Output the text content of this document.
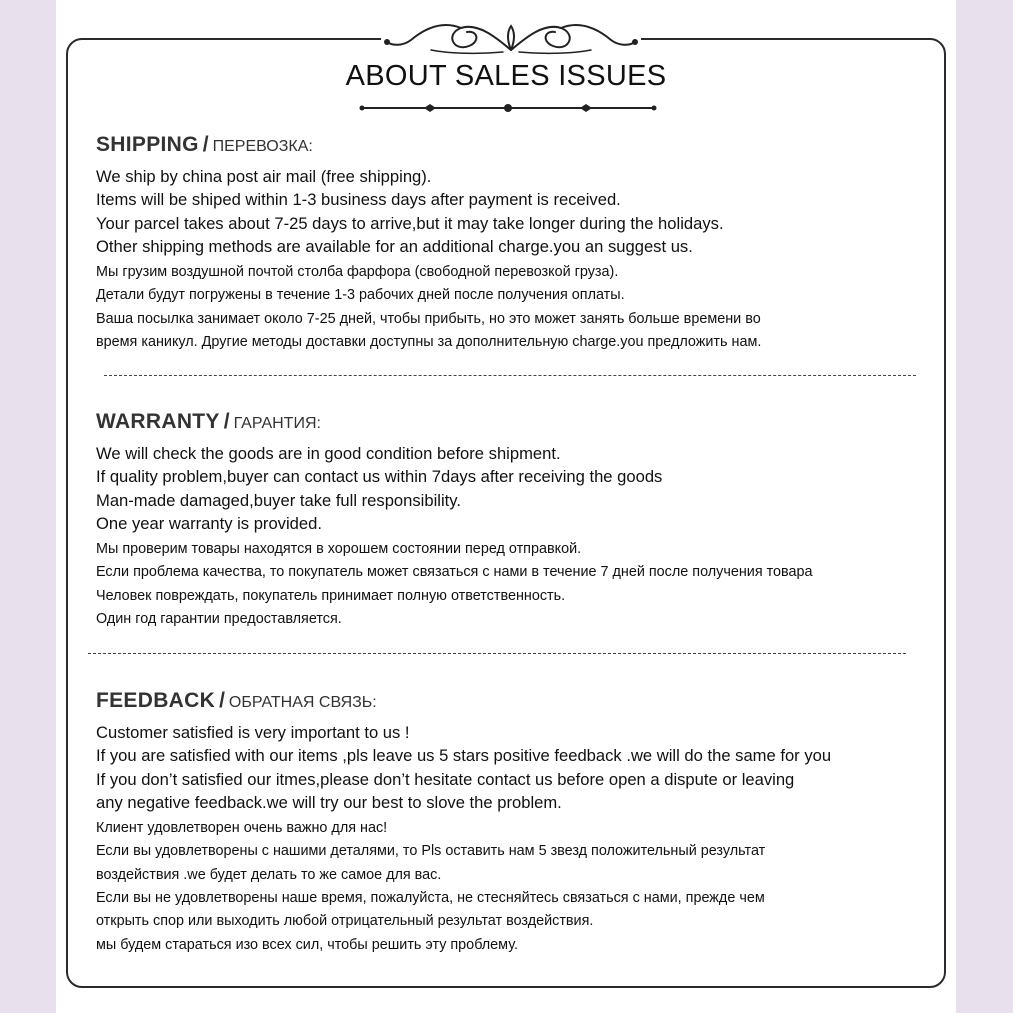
ABOUT SALES ISSUES
SHIPPING / ПЕРЕВОЗКА:
We ship by china post air mail (free shipping).
Items will be shiped within 1-3 business days after payment is received.
Your parcel takes about 7-25 days to arrive,but it may take longer during the holidays.
Other shipping methods are available for an additional charge.you an suggest us.
Мы грузим воздушной почтой столба фарфора (свободной перевозкой груза).
Детали будут погружены в течение 1-3 рабочих дней после получения оплаты.
Ваша посылка занимает около 7-25 дней, чтобы прибыть, но это может занять больше времени во
время каникул. Другие методы доставки доступны за дополнительную charge.you предложить нам.
WARRANTY / ГАРАНТИЯ:
We will check the goods are in good condition before shipment.
If quality problem,buyer can contact us within 7days after receiving the goods
Man-made damaged,buyer take full responsibility.
One year warranty is provided.
Мы проверим товары находятся в хорошем состоянии перед отправкой.
Если проблема качества, то покупатель может связаться с нами в течение 7 дней после получения товара
Человек повреждать, покупатель принимает полную ответственность.
Один год гарантии предоставляется.
FEEDBACK / ОБРАТНАЯ СВЯЗЬ:
Customer satisfied is very important to us !
If you are satisfied with our items ,pls leave us 5 stars positive feedback .we will do the same for you
If you don’t satisfied our itmes,please don’t hesitate contact us before open a dispute or leaving
any negative feedback.we will try our best to slove the problem.
Клиент удовлетворен очень важно для нас!
Если вы удовлетворены с нашими деталями, то Pls оставить нам 5 звезд положительный результат
воздействия .we будет делать то же самое для вас.
Если вы не удовлетворены наше время, пожалуйста, не стесняйтесь связаться с нами, прежде чем
открыть спор или выходить любой отрицательный результат воздействия.
мы будем стараться изо всех сил, чтобы решить эту проблему.
